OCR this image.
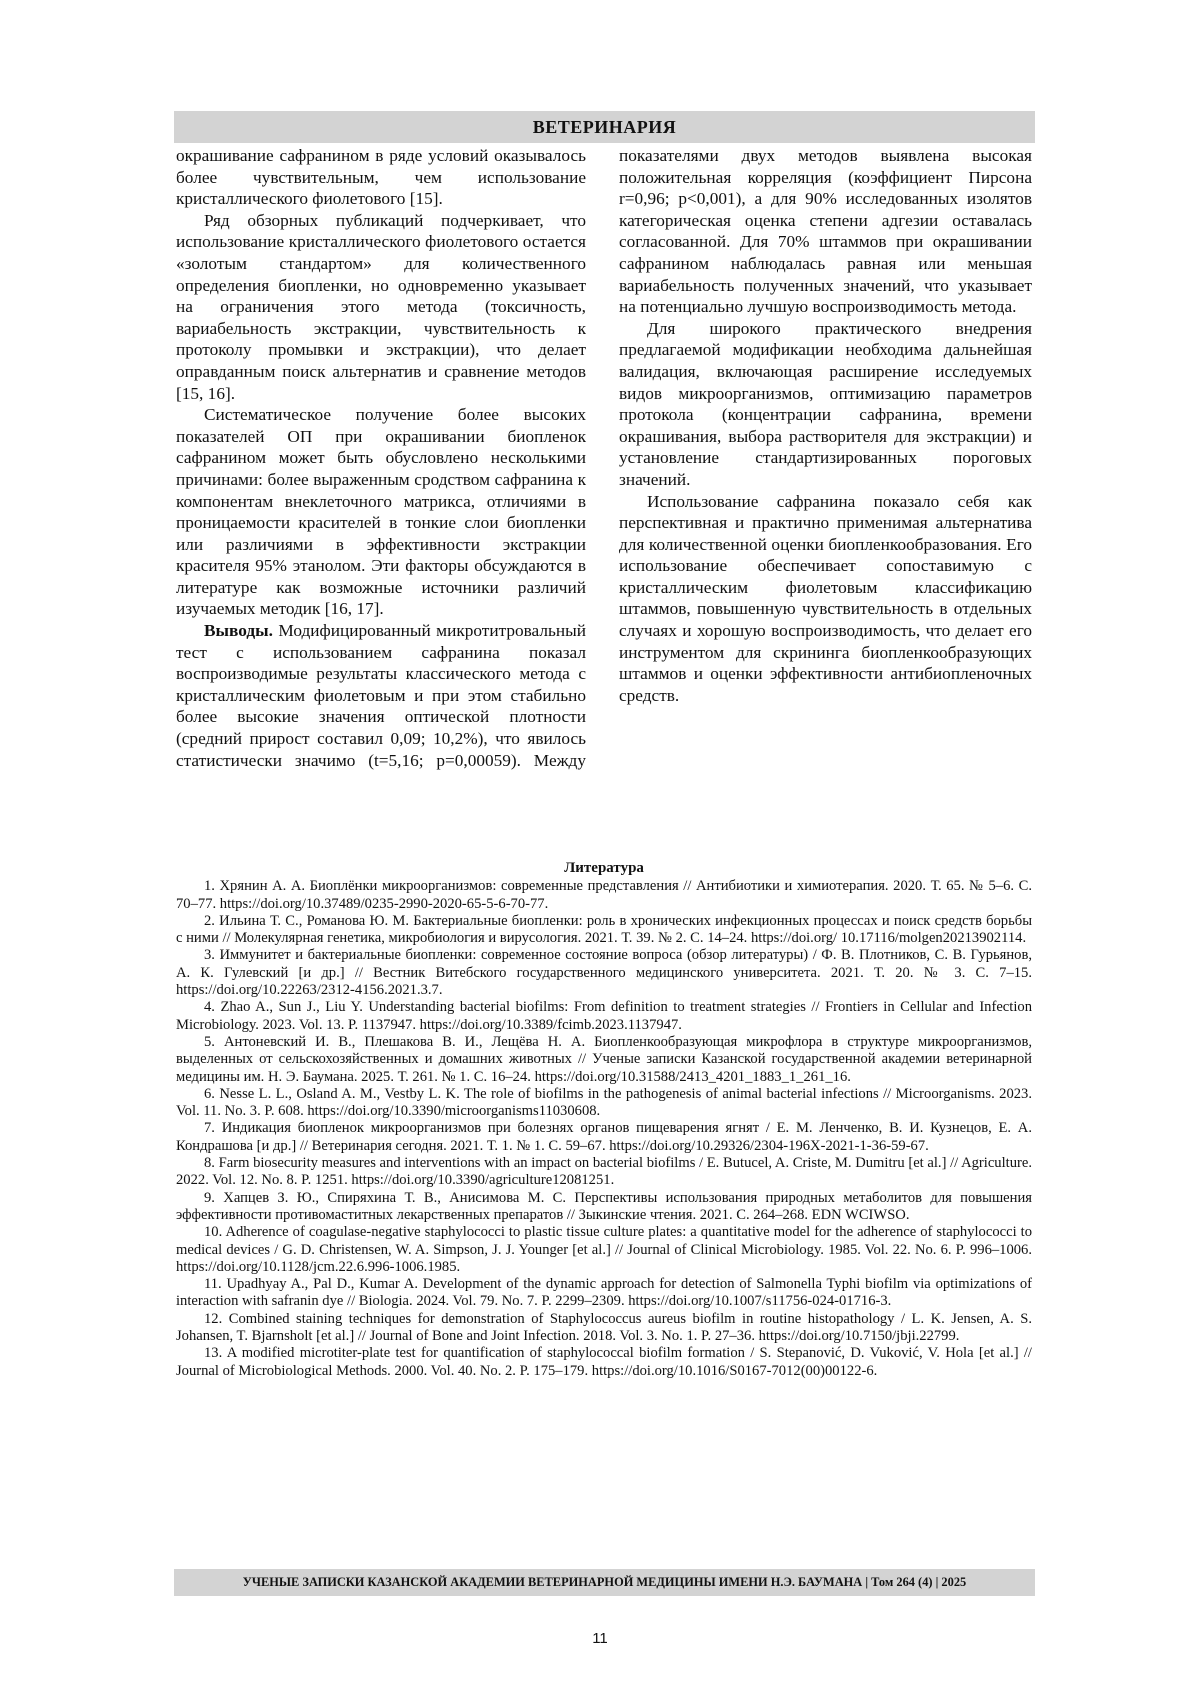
ВЕТЕРИНАРИЯ

окрашивание сафранином в ряде условий оказывалось более чувствительным, чем использование кристаллического фиолетового [15].

Ряд обзорных публикаций подчеркивает, что использование кристаллического фиолетового остается «золотым стандартом» для количественного определения биопленки, но одновременно указывает на ограничения этого метода (токсичность, вариабельность экстракции, чувствительность к протоколу промывки и экстракции), что делает оправданным поиск альтернатив и сравнение методов [15, 16].

Систематическое получение более высоких показателей ОП при окрашивании биопленок сафранином может быть обусловлено несколькими причинами: более выраженным сродством сафранина к компонентам внеклеточного матрикса, отличиями в проницаемости красителей в тонкие слои биопленки или различиями в эффективности экстракции красителя 95% этанолом. Эти факторы обсуждаются в литературе как возможные источники различий изучаемых методик [16, 17].

Выводы. Модифицированный микротитровальный тест с использованием сафранина показал воспроизводимые результаты классического метода с кристаллическим фиолетовым и при этом стабильно более высокие значения оптической плотности (средний прирост составил 0,09; 10,2%), что явилось статистически значимо (t=5,16; p=0,00059). Между

показателями двух методов выявлена высокая положительная корреляция (коэффициент Пирсона r=0,96; p<0,001), а для 90% исследованных изолятов категорическая оценка степени адгезии оставалась согласованной. Для 70% штаммов при окрашивании сафранином наблюдалась равная или меньшая вариабельность полученных значений, что указывает на потенциально лучшую воспроизводимость метода.

Для широкого практического внедрения предлагаемой модификации необходима дальнейшая валидация, включающая расширение исследуемых видов микроорганизмов, оптимизацию параметров протокола (концентрации сафранина, времени окрашивания, выбора растворителя для экстракции) и установление стандартизированных пороговых значений.

Использование сафранина показало себя как перспективная и практично применимая альтернатива для количественной оценки биопленкообразования. Его использование обеспечивает сопоставимую с кристаллическим фиолетовым классификацию штаммов, повышенную чувствительность в отдельных случаях и хорошую воспроизводимость, что делает его инструментом для скрининга биопленкообразующих штаммов и оценки эффективности антибиопленочных средств.

Литература

1. Хрянин А. А. Биоплёнки микроорганизмов: современные представления // Антибиотики и химиотерапия. 2020. Т. 65. № 5–6. С. 70–77. https://doi.org/10.37489/0235-2990-2020-65-5-6-70-77.

2. Ильина Т. С., Романова Ю. М. Бактериальные биопленки: роль в хронических инфекционных процессах и поиск средств борьбы с ними // Молекулярная генетика, микробиология и вирусология. 2021. Т. 39. № 2. С. 14–24. https://doi.org/ 10.17116/molgen20213902114.

3. Иммунитет и бактериальные биопленки: современное состояние вопроса (обзор литературы) / Ф. В. Плотников, С. В. Гурьянов, А. К. Гулевский [и др.] // Вестник Витебского государственного медицинского университета. 2021. Т. 20. № 3. С. 7–15. https://doi.org/10.22263/2312-4156.2021.3.7.

4. Zhao A., Sun J., Liu Y. Understanding bacterial biofilms: From definition to treatment strategies // Frontiers in Cellular and Infection Microbiology. 2023. Vol. 13. P. 1137947. https://doi.org/10.3389/fcimb.2023.1137947.

5. Антоневский И. В., Плешакова В. И., Лещёва Н. А. Биопленкообразующая микрофлора в структуре микроорганизмов, выделенных от сельскохозяйственных и домашних животных // Ученые записки Казанской государственной академии ветеринарной медицины им. Н. Э. Баумана. 2025. Т. 261. № 1. С. 16–24. https://doi.org/10.31588/2413_4201_1883_1_261_16.

6. Nesse L. L., Osland A. M., Vestby L. K. The role of biofilms in the pathogenesis of animal bacterial infections // Microorganisms. 2023. Vol. 11. No. 3. P. 608. https://doi.org/10.3390/microorganisms11030608.

7. Индикация биопленок микроорганизмов при болезнях органов пищеварения ягнят / Е. М. Ленченко, В. И. Кузнецов, Е. А. Кондрашова [и др.] // Ветеринария сегодня. 2021. Т. 1. № 1. С. 59–67. https://doi.org/10.29326/2304-196X-2021-1-36-59-67.

8. Farm biosecurity measures and interventions with an impact on bacterial biofilms / E. Butucel, A. Criste, M. Dumitru [et al.] // Agriculture. 2022. Vol. 12. No. 8. P. 1251. https://doi.org/10.3390/agriculture12081251.

9. Хапцев З. Ю., Спиряхина Т. В., Анисимова М. С. Перспективы использования природных метаболитов для повышения эффективности противомаститных лекарственных препаратов // Зыкинские чтения. 2021. С. 264–268. EDN WCIWSO.

10. Adherence of coagulase-negative staphylococci to plastic tissue culture plates: a quantitative model for the adherence of staphylococci to medical devices / G. D. Christensen, W. A. Simpson, J. J. Younger [et al.] // Journal of Clinical Microbiology. 1985. Vol. 22. No. 6. P. 996–1006. https://doi.org/10.1128/jcm.22.6.996-1006.1985.

11. Upadhyay A., Pal D., Kumar A. Development of the dynamic approach for detection of Salmonella Typhi biofilm via optimizations of interaction with safranin dye // Biologia. 2024. Vol. 79. No. 7. P. 2299–2309. https://doi.org/10.1007/s11756-024-01716-3.

12. Combined staining techniques for demonstration of Staphylococcus aureus biofilm in routine histopathology / L. K. Jensen, A. S. Johansen, T. Bjarnsholt [et al.] // Journal of Bone and Joint Infection. 2018. Vol. 3. No. 1. P. 27–36. https://doi.org/10.7150/jbji.22799.

13. A modified microtiter-plate test for quantification of staphylococcal biofilm formation / S. Stepanović, D. Vuković, V. Hola [et al.] // Journal of Microbiological Methods. 2000. Vol. 40. No. 2. P. 175–179. https://doi.org/10.1016/S0167-7012(00)00122-6.

УЧЕНЫЕ ЗАПИСКИ КАЗАНСКОЙ АКАДЕМИИ ВЕТЕРИНАРНОЙ МЕДИЦИНЫ ИМЕНИ Н.Э. БАУМАНА | Том 264 (4) | 2025
11
